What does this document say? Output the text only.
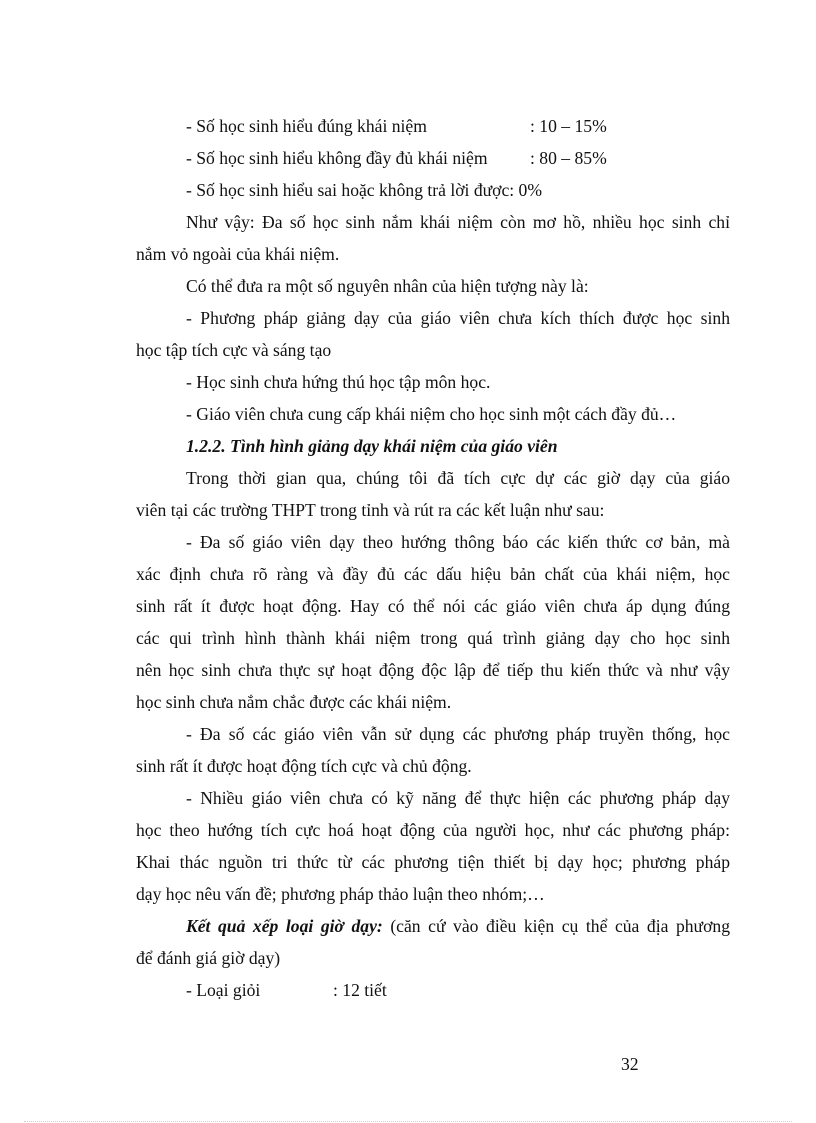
- Số học sinh hiểu đúng khái niệm	: 10 – 15%
- Số học sinh hiểu không đầy đủ khái niệm : 80 – 85%
- Số học sinh hiểu sai hoặc không trả lời được: 0%
Như vậy: Đa số học sinh nắm khái niệm còn mơ hồ, nhiều học sinh chỉ
nắm vỏ ngoài của khái niệm.
Có thể đưa ra một số nguyên nhân của hiện tượng này là:
- Phương pháp giảng dạy của giáo viên chưa kích thích được học sinh
học tập tích cực và sáng tạo
- Học sinh chưa hứng thú học tập môn học.
- Giáo viên chưa cung cấp khái niệm cho học sinh một cách đầy đủ…
1.2.2. Tình hình giảng dạy khái niệm của giáo viên
Trong thời gian qua, chúng tôi đã tích cực dự các giờ dạy của giáo
viên tại các trường THPT trong tỉnh và rút ra các kết luận như sau:
- Đa số giáo viên dạy theo hướng thông báo các kiến thức cơ bản, mà
xác định chưa rõ ràng và đầy đủ các dấu hiệu bản chất của khái niệm, học
sinh rất ít được hoạt động. Hay có thể nói các giáo viên chưa áp dụng đúng
các qui trình hình thành khái niệm trong quá trình giảng dạy cho học sinh
nên học sinh chưa thực sự hoạt động độc lập để tiếp thu kiến thức và như vậy
học sinh chưa nắm chắc được các khái niệm.
- Đa số các giáo viên vẫn sử dụng các phương pháp truyền thống, học
sinh rất ít được hoạt động tích cực và chủ động.
- Nhiều giáo viên chưa có kỹ năng để thực hiện các phương pháp dạy
học theo hướng tích cực hoá hoạt động của người học, như các phương pháp:
Khai thác nguồn tri thức từ các phương tiện thiết bị dạy học; phương pháp
dạy học nêu vấn đề; phương pháp thảo luận theo nhóm;…
Kết quả xếp loại giờ dạy: (căn cứ vào điều kiện cụ thể của địa phương
để đánh giá giờ dạy)
- Loại giỏi	: 12 tiết
32
